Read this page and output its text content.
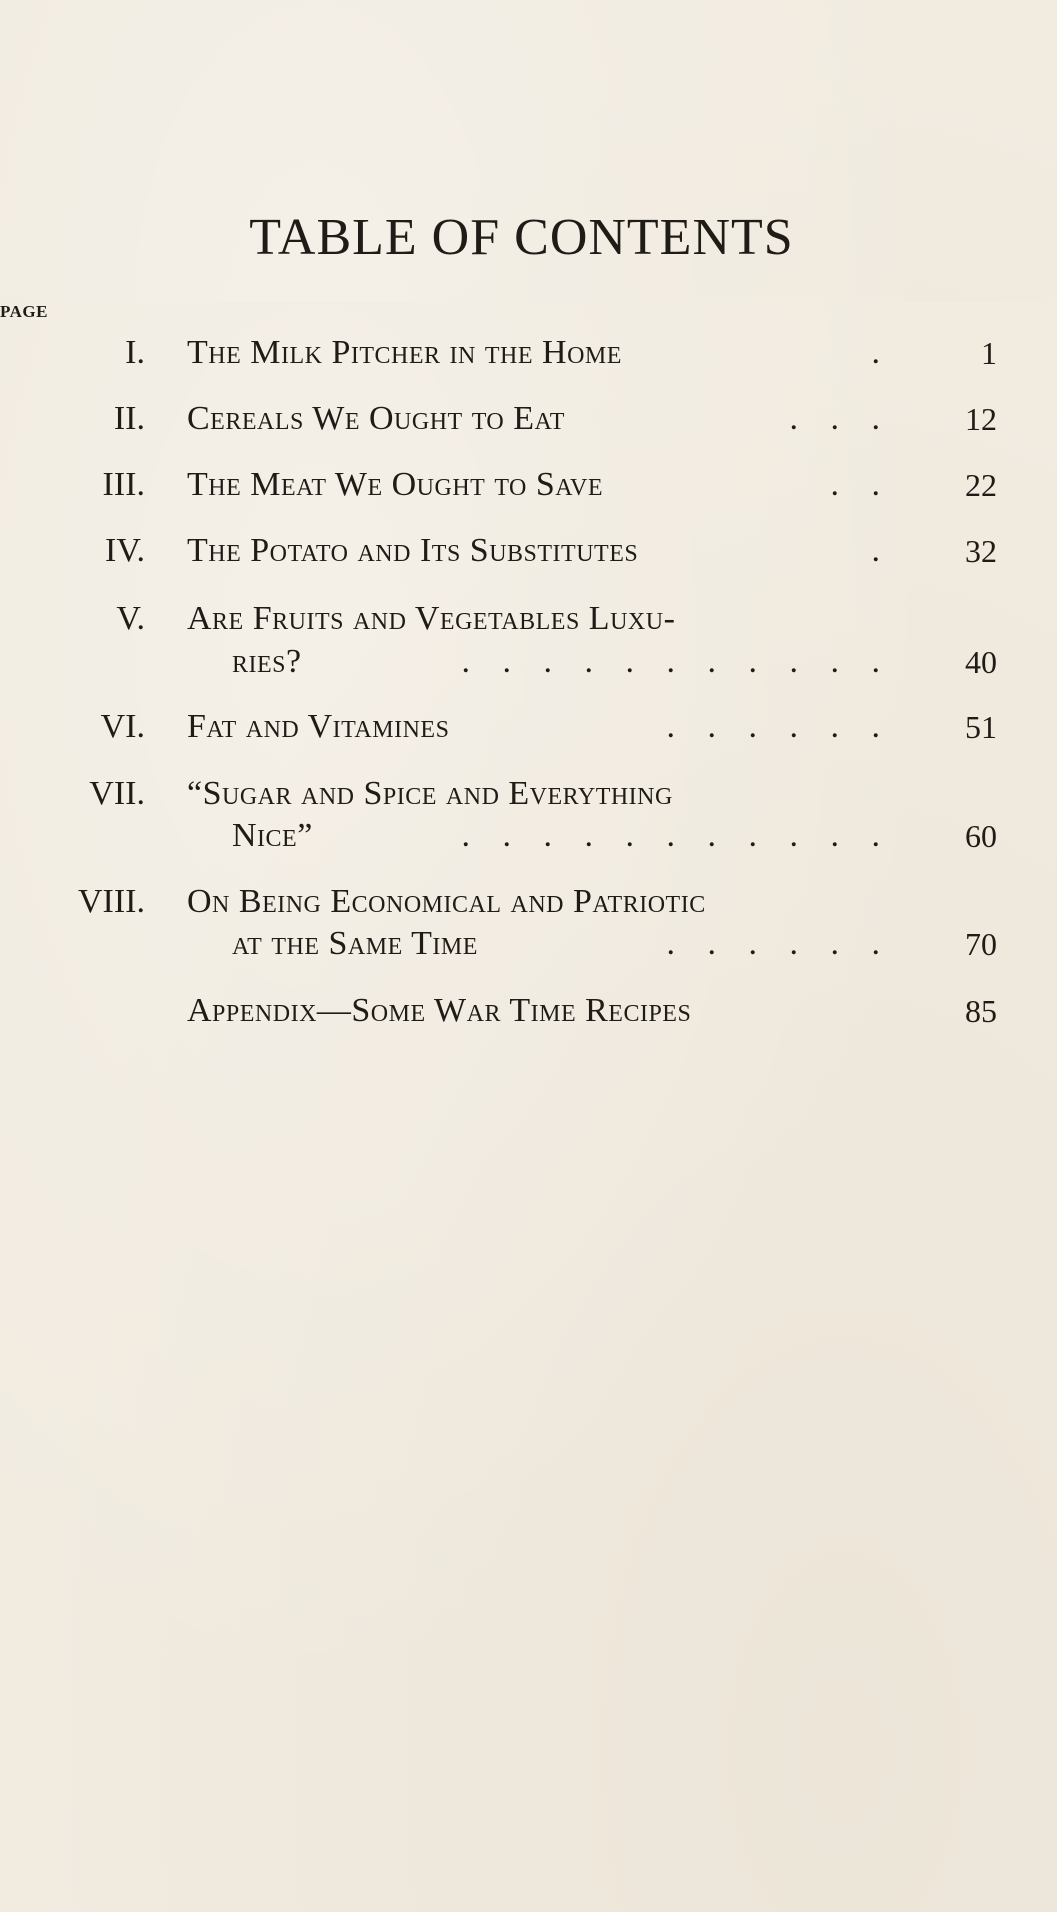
TABLE OF CONTENTS
PAGE
I. The Milk Pitcher in the Home	.	1
II. Cereals We Ought to Eat	. . . 12
III. The Meat We Ought to Save	. . 22
IV. The Potato and Its Substitutes	. 32
V. Are Fruits and Vegetables Luxu-
ries?	. . . . . . . . . . . 40
VI. Fat and Vitamines	. . . . . . 51
VII. “Sugar and Spice and Everything
Nice”	. . . . . . . . . . . 60
VIII. On Being Economical and Patriotic
at the Same Time	. . . . . . 70
Appendix—Some War Time Recipes	85
